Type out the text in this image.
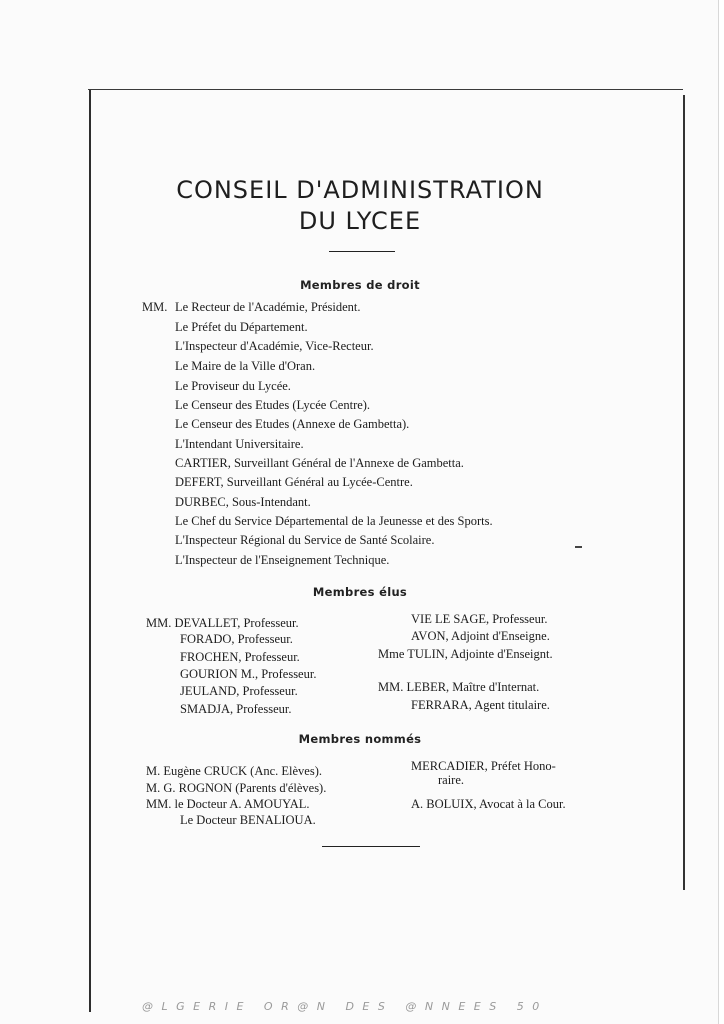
CONSEIL D'ADMINISTRATION
DU LYCEE
Membres de droit
MM. Le Recteur de l'Académie, Président.
Le Préfet du Département.
L'Inspecteur d'Académie, Vice-Recteur.
Le Maire de la Ville d'Oran.
Le Proviseur du Lycée.
Le Censeur des Etudes (Lycée Centre).
Le Censeur des Etudes (Annexe de Gambetta).
L'Intendant Universitaire.
CARTIER, Surveillant Général de l'Annexe de Gambetta.
DEFERT, Surveillant Général au Lycée-Centre.
DURBEC, Sous-Intendant.
Le Chef du Service Départemental de la Jeunesse et des Sports.
L'Inspecteur Régional du Service de Santé Scolaire.
L'Inspecteur de l'Enseignement Technique.
Membres élus
MM. DEVALLET, Professeur.
FORADO, Professeur.
FROCHEN, Professeur.
GOURION M., Professeur.
JEULAND, Professeur.
SMADJA, Professeur.
VIE LE SAGE, Professeur.
AVON, Adjoint d'Enseigne.
Mme TULIN, Adjointe d'Enseignt.
MM. LEBER, Maître d'Internat.
FERRARA, Agent titulaire.
Membres nommés
M. Eugène CRUCK (Anc. Elèves).
M. G. ROGNON (Parents d'élèves).
MM. le Docteur A. AMOUYAL.
Le Docteur BENALIOUA.
MERCADIER, Préfet Hono-
raire.
A. BOLUIX, Avocat à la Cour.
@LGERIE OR@N DES @NNEES 50
